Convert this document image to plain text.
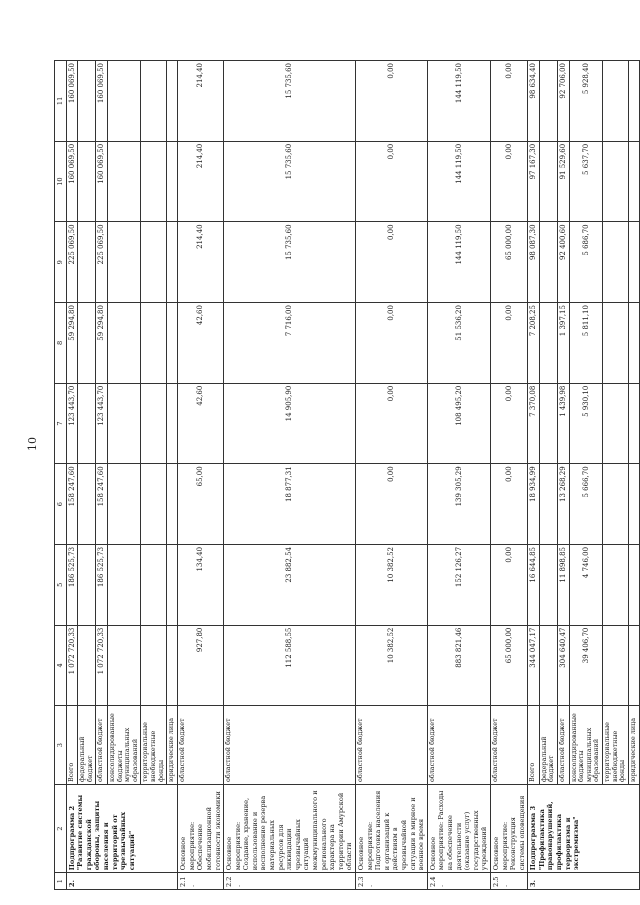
10
1	2	3	4	5	6	7	8	9	10	11
2.	Подпрограмма 2 "Развитие системы гражданской обороны, защиты населения и территорий от чрезвычайных ситуаций"	Всего	1 072 720,33	186 525,73	158 247,60	123 443,70	59 294,80	225 069,50	160 069,50	160 069,50
		федеральный бюджет								
		областной бюджет	1 072 720,33	186 525,73	158 247,60	123 443,70	59 294,80	225 069,50	160 069,50	160 069,50
		консолидированные бюджеты муниципальных образований								
		территориальные внебюджетные фонды								
		юридические лица								
2.1.	Основное мероприятие: Обеспечение мобилизационной готовности экономики	областной бюджет	927,80	134,40	65,00	42,60	42,60	214,40	214,40	214,40
2.2.	Основное мероприятие: Создание, хранение, использование и восполнение резерва материальных ресурсов для ликвидации чрезвычайных ситуаций межмуниципального и регионального характера на территории Амурской области	областной бюджет	112 588,55	23 882,54	18 877,31	14 905,90	7 716,00	15 735,60	15 735,60	15 735,60
2.3.	Основное мероприятие: Подготовка населения и организаций к действиям в чрезвычайной ситуации в мирное и военное время	областной бюджет	10 382,52	10 382,52	0,00	0,00	0,00	0,00	0,00	0,00
2.4.	Основное мероприятие: Расходы на обеспечение деятельности (оказание услуг) государственных учреждений	областной бюджет	883 821,46	152 126,27	139 305,29	108 495,20	51 536,20	144 119,50	144 119,50	144 119,50
2.5.	Основное мероприятие: Реконструкция системы оповещения	областной бюджет	65 000,00	0,00	0,00	0,00	0,00	65 000,00	0,00	0,00
3.	Подпрограмма 3 "Профилактика правонарушений, профилактика терроризма и экстремизма"	Всего	344 047,17	16 644,85	18 934,99	7 370,08	7 208,25	98 087,30	97 167,30	98 634,40
		федеральный бюджет								
		областной бюджет	304 640,47	11 898,85	13 268,29	1 439,98	1 397,15	92 400,60	91 529,60	92 706,00
		консолидированные бюджеты муниципальных образований	39 406,70	4 746,00	5 666,70	5 930,10	5 811,10	5 686,70	5 637,70	5 928,40
		территориальные внебюджетные фонды								
		юридические лица								
